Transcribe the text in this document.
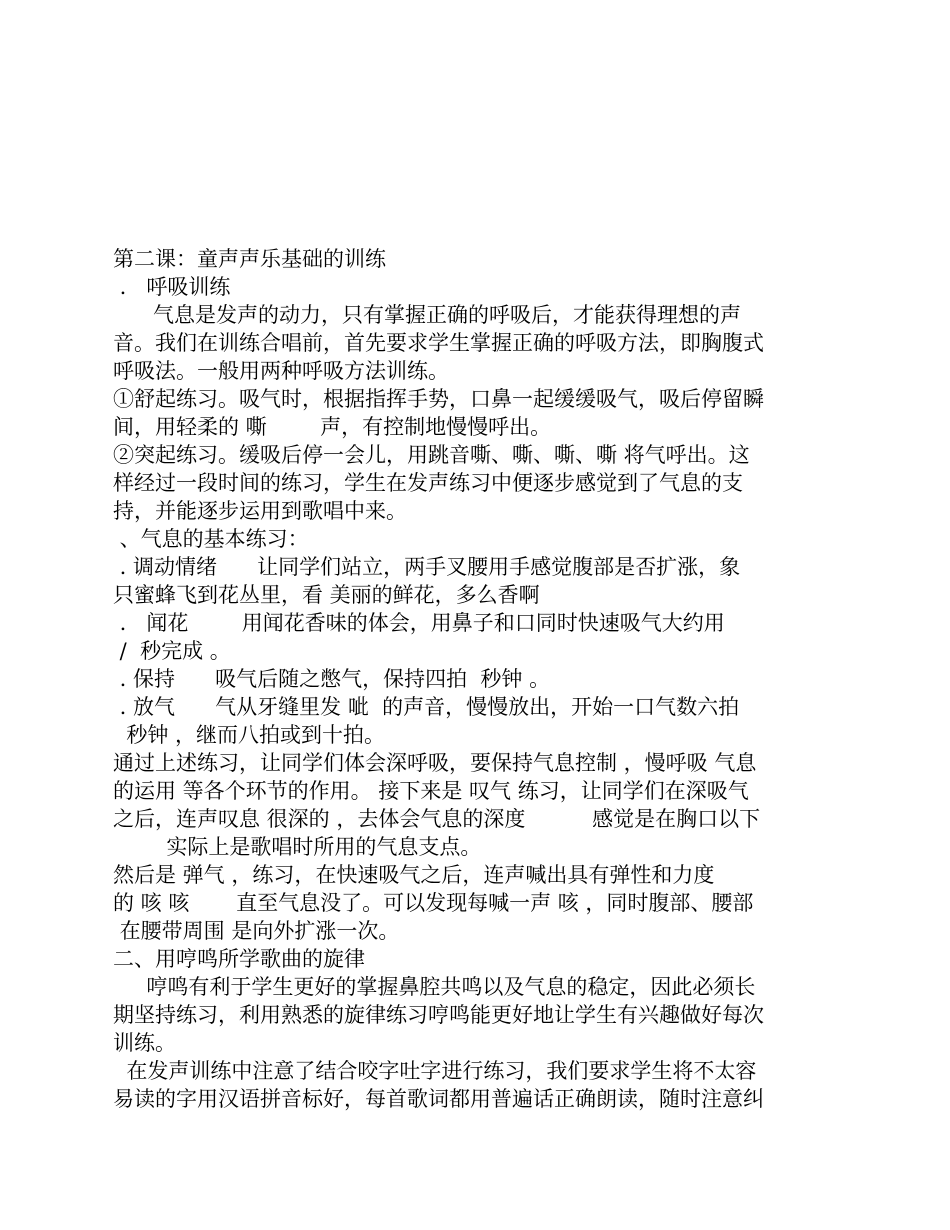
第二课：童声声乐基础的训练
.   呼吸训练
气息是发声的动力，只有掌握正确的呼吸后，才能获得理想的声
音。我们在训练合唱前，首先要求学生掌握正确的呼吸方法，即胸腹式
呼吸法。一般用两种呼吸方法训练。
①舒起练习。吸气时，根据指挥手势，口鼻一起缓缓吸气，吸后停留瞬
间，用轻柔的 嘶        声，有控制地慢慢呼出。
②突起练习。缓吸后停一会儿，用跳音嘶、嘶、嘶、嘶 将气呼出。这
样经过一段时间的练习，学生在发声练习中便逐步感觉到了气息的支
持，并能逐步运用到歌唱中来。
、气息的基本练习：
. 调动情绪      让同学们站立，两手叉腰用手感觉腹部是否扩涨，象
只蜜蜂飞到花丛里，看 美丽的鲜花，多么香啊
.   闻花        用闻花香味的体会，用鼻子和口同时快速吸气大约用
/  秒完成 。
. 保持      吸气后随之憋气，保持四拍  秒钟 。
. 放气      气从牙缝里发 呲  的声音，慢慢放出，开始一口气数六拍
秒钟 ，继而八拍或到十拍。
通过上述练习，让同学们体会深呼吸，要保持气息控制 ，慢呼吸 气息
的运用 等各个环节的作用。 接下来是 叹气 练习，让同学们在深吸气
之后，连声叹息 很深的 ，去体会气息的深度          感觉是在胸口以下
实际上是歌唱时所用的气息支点。
然后是 弹气 ，练习，在快速吸气之后，连声喊出具有弹性和力度
的 咳 咳       直至气息没了。可以发现每喊一声 咳 ，同时腹部、腰部
在腰带周围 是向外扩涨一次。
二、用哼鸣所学歌曲的旋律
哼鸣有利于学生更好的掌握鼻腔共鸣以及气息的稳定，因此必须长
期坚持练习，利用熟悉的旋律练习哼鸣能更好地让学生有兴趣做好每次
训练。
在发声训练中注意了结合咬字吐字进行练习，我们要求学生将不太容
易读的字用汉语拼音标好，每首歌词都用普遍话正确朗读，随时注意纠
